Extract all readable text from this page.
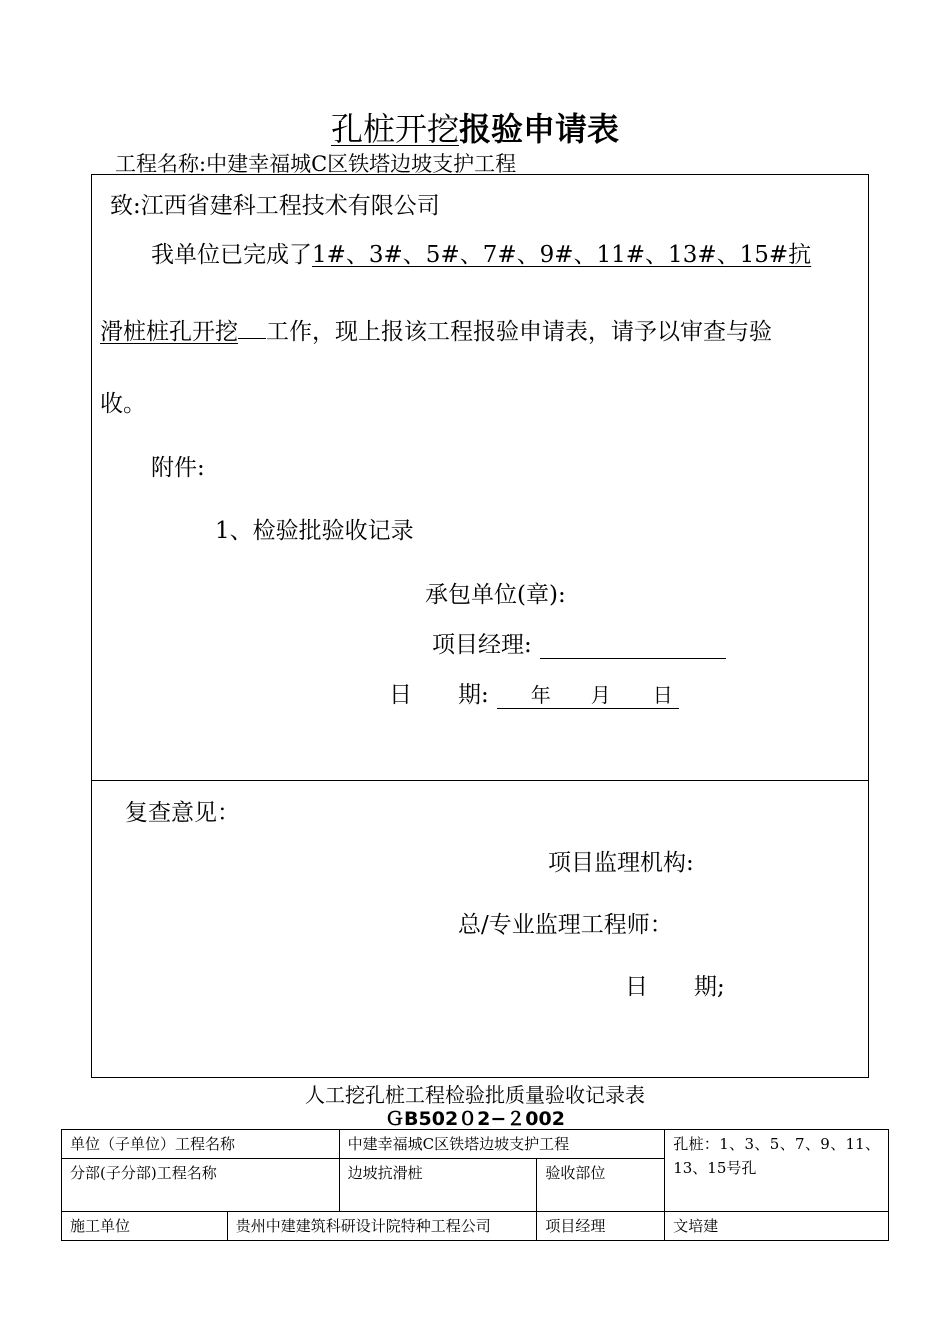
孔桩开挖报验申请表
工程名称:中建幸福城C区铁塔边坡支护工程
致:江西省建科工程技术有限公司
我单位已完成了1#、3#、5#、7#、9#、11#、13#、15#抗
滑桩桩孔开挖 工作，现上报该工程报验申请表，请予以审查与验
收。
附件:
1、检验批验收记录
承包单位(章):
项目经理:
日　　期: 年 月 日
复查意见：
项目监理机构:
总/专业监理工程师：
日　　期;
人工挖孔桩工程检验批质量验收记录表
ＧB502０2−２002
单位（子单位）工程名称		中建幸福城C区铁塔边坡支护工程		孔桩：1、3、5、7、9、11、13、15号孔
分部(子分部)工程名称		边坡抗滑桩	验收部位	
施工单位	贵州中建建筑科研设计院特种工程公司		项目经理	文培建
